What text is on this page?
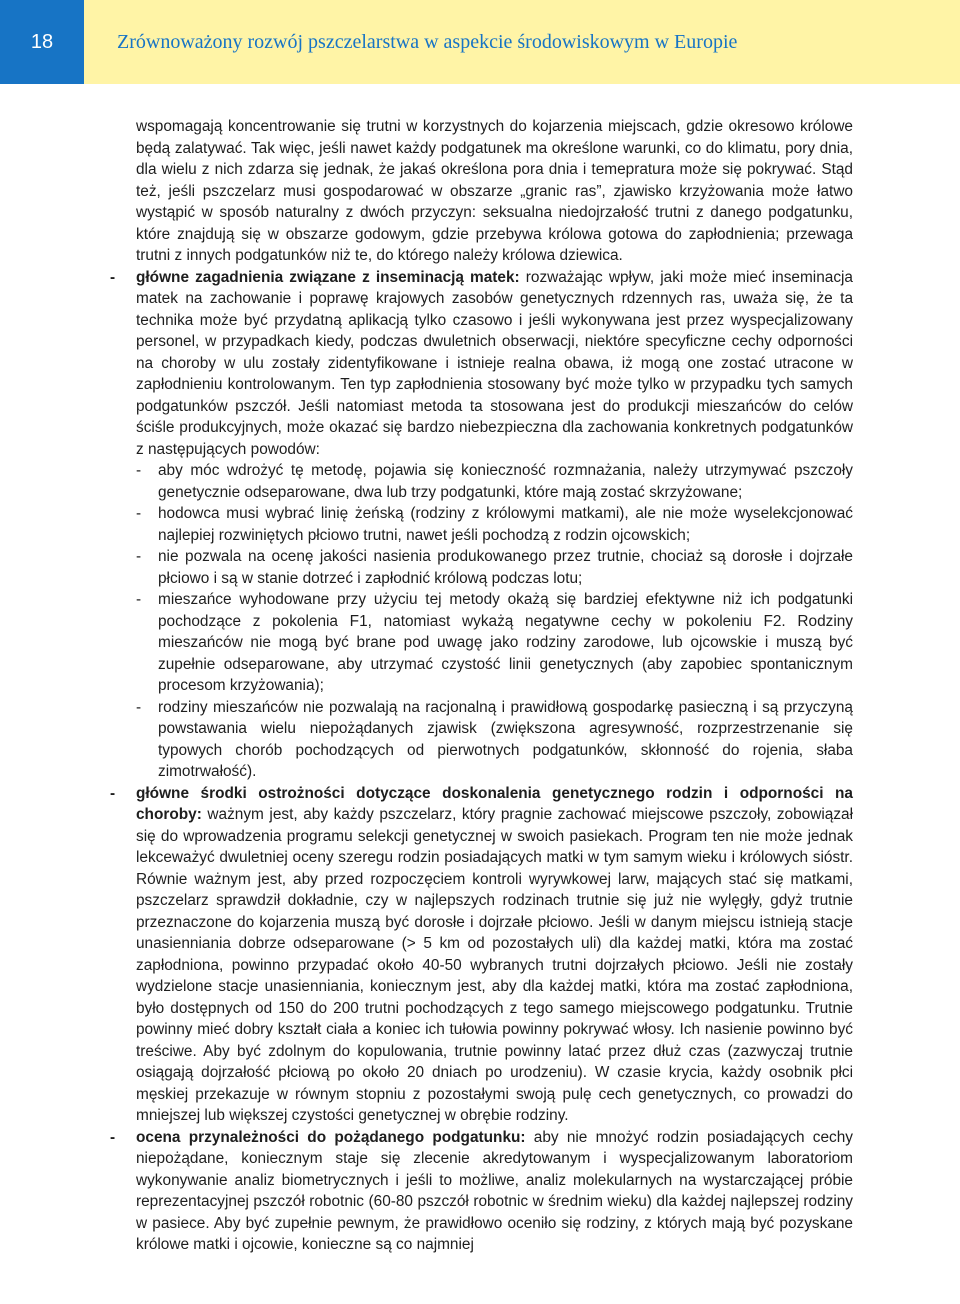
18	Zrównoważony rozwój pszczelarstwa w aspekcie środowiskowym w Europie

wspomagają koncentrowanie się trutni w korzystnych do kojarzenia miejscach, gdzie okresowo królowe będą zalatywać. Tak więc, jeśli nawet każdy podgatunek ma określone warunki, co do klimatu, pory dnia, dla wielu z nich zdarza się jednak, że jakaś określona pora dnia i temepratura może się pokrywać. Stąd też, jeśli pszczelarz musi gospodarować w obszarze „granic ras”, zjawisko krzyżowania może łatwo wystąpić w sposób naturalny z dwóch przyczyn: seksualna niedojrzałość trutni z danego podgatunku, które znajdują się w obszarze godowym, gdzie przebywa królowa gotowa do zapłodnienia; przewaga trutni z innych podgatunków niż te, do którego należy królowa dziewica.

- główne zagadnienia związane z inseminacją matek: rozważając wpływ, jaki może mieć inseminacja matek na zachowanie i poprawę krajowych zasobów genetycznych rdzennych ras, uważa się, że ta technika może być przydatną aplikacją tylko czasowo i jeśli wykonywana jest przez wyspecjalizowany personel, w przypadkach kiedy, podczas dwuletnich obserwacji, niektóre specyficzne cechy odporności na choroby w ulu zostały zidentyfikowane i istnieje realna obawa, iż mogą one zostać utracone w zapłodnieniu kontrolowanym. Ten typ zapłodnienia stosowany być może tylko w przypadku tych samych podgatunków pszczół. Jeśli natomiast metoda ta stosowana jest do produkcji mieszańców do celów ściśle produkcyjnych, może okazać się bardzo niebezpieczna dla zachowania konkretnych podgatunków z następujących powodów:
- aby móc wdrożyć tę metodę, pojawia się konieczność rozmnażania, należy utrzymywać pszczoły genetycznie odseparowane, dwa lub trzy podgatunki, które mają zostać skrzyżowane;
- hodowca musi wybrać linię żeńską (rodziny z królowymi matkami), ale nie może wyselekcjonować najlepiej rozwiniętych płciowo trutni, nawet jeśli pochodzą z rodzin ojcowskich;
- nie pozwala na ocenę jakości nasienia produkowanego przez trutnie, chociaż są dorosłe i dojrzałe płciowo i są w stanie dotrzeć i zapłodnić królową podczas lotu;
- mieszańce wyhodowane przy użyciu tej metody okażą się bardziej efektywne niż ich podgatunki pochodzące z pokolenia F1, natomiast wykażą negatywne cechy w pokoleniu F2. Rodziny mieszańców nie mogą być brane pod uwagę jako rodziny zarodowe, lub ojcowskie i muszą być zupełnie odseparowane, aby utrzymać czystość linii genetycznych (aby zapobiec spontanicznym procesom krzyżowania);
- rodziny mieszańców nie pozwalają na racjonalną i prawidłową gospodarkę pasieczną i są przyczyną powstawania wielu niepożądanych zjawisk (zwiększona agresywność, rozprzestrzenanie się typowych chorób pochodzących od pierwotnych podgatunków, skłonność do rojenia, słaba zimotrwałość).
- główne środki ostrożności dotyczące doskonalenia genetycznego rodzin i odporności na choroby: ważnym jest, aby każdy pszczelarz, który pragnie zachować miejscowe pszczoły, zobowiązał się do wprowadzenia programu selekcji genetycznej w swoich pasiekach. Program ten nie może jednak lekceważyć dwuletniej oceny szeregu rodzin posiadających matki w tym samym wieku i królowych sióstr. Równie ważnym jest, aby przed rozpoczęciem kontroli wyrywkowej larw, mających stać się matkami, pszczelarz sprawdził dokładnie, czy w najlepszych rodzinach trutnie się już nie wylęgły, gdyż trutnie przeznaczone do kojarzenia muszą być dorosłe i dojrzałe płciowo. Jeśli w danym miejscu istnieją stacje unasienniania dobrze odseparowane (> 5 km od pozostałych uli) dla każdej matki, która ma zostać zapłodniona, powinno przypadać około 40-50 wybranych trutni dojrzałych płciowo. Jeśli nie zostały wydzielone stacje unasienniania, koniecznym jest, aby dla każdej matki, która ma zostać zapłodniona, było dostępnych od 150 do 200 trutni pochodzących z tego samego miejscowego podgatunku. Trutnie powinny mieć dobry kształt ciała a koniec ich tułowia powinny pokrywać włosy. Ich nasienie powinno być treściwe. Aby być zdolnym do kopulowania, trutnie powinny latać przez dłuż czas (zazwyczaj trutnie osiągają dojrzałość płciową po około 20 dniach po urodzeniu). W czasie krycia, każdy osobnik płci męskiej przekazuje w równym stopniu z pozostałymi swoją pulę cech genetycznych, co prowadzi do mniejszej lub większej czystości genetycznej w obrębie rodziny.
- ocena przynależności do pożądanego podgatunku: aby nie mnożyć rodzin posiadających cechy niepożądane, koniecznym staje się zlecenie akredytowanym i wyspecjalizowanym laboratoriom wykonywanie analiz biometrycznych i jeśli to możliwe, analiz molekularnych na wystarczającej próbie reprezentacyjnej pszczół robotnic (60-80 pszczół robotnic w średnim wieku) dla każdej najlepszej rodziny w pasiece. Aby być zupełnie pewnym, że prawidłowo oceniło się rodziny, z których mają być pozyskane królowe matki i ojcowie, konieczne są co najmniej
